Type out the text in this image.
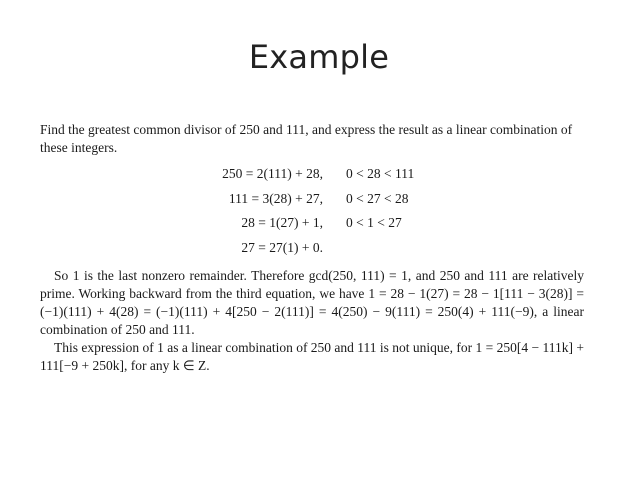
Example
Find the greatest common divisor of 250 and 111, and express the result as a linear combination of these integers.
250 = 2(111) + 28, 0 < 28 < 111
111 = 3(28) + 27, 0 < 27 < 28
28 = 1(27) + 1, 0 < 1 < 27
27 = 27(1) + 0.
So 1 is the last nonzero remainder. Therefore gcd(250, 111) = 1, and 250 and 111 are relatively prime. Working backward from the third equation, we have 1 = 28 − 1(27) = 28 − 1[111 − 3(28)] = (−1)(111) + 4(28) = (−1)(111) + 4[250 − 2(111)] = 4(250) − 9(111) = 250(4) + 111(−9), a linear combination of 250 and 111.
This expression of 1 as a linear combination of 250 and 111 is not unique, for 1 = 250[4 − 111k] + 111[−9 + 250k], for any k ∈ Z.
